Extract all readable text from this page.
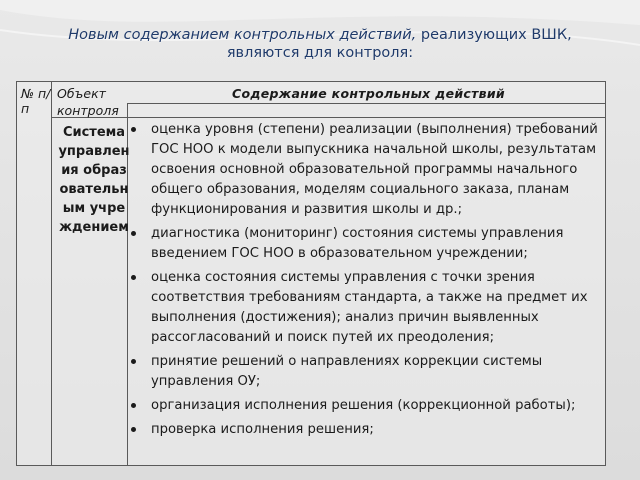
Новым содержанием контрольных действий, реализующих ВШК,
являются для контроля:
№ п/п
Объект контроля
Содержание контрольных действий
Система управления образовательным учреждением
оценка уровня (степени) реализации (выполнения) требований ГОС НОО к модели выпускника начальной школы, результатам освоения основной образовательной программы начального общего образования, моделям социального заказа, планам функционирования и развития школы и др.;
диагностика (мониторинг) состояния системы управления введением ГОС НОО в образовательном учреждении;
оценка состояния системы управления с точки зрения соответствия требованиям стандарта, а также на предмет их выполнения (достижения); анализ причин выявленных рассогласований и поиск путей их преодоления;
принятие решений о направлениях коррекции системы управления ОУ;
организация исполнения решения (коррекционной работы);
проверка исполнения решения;
